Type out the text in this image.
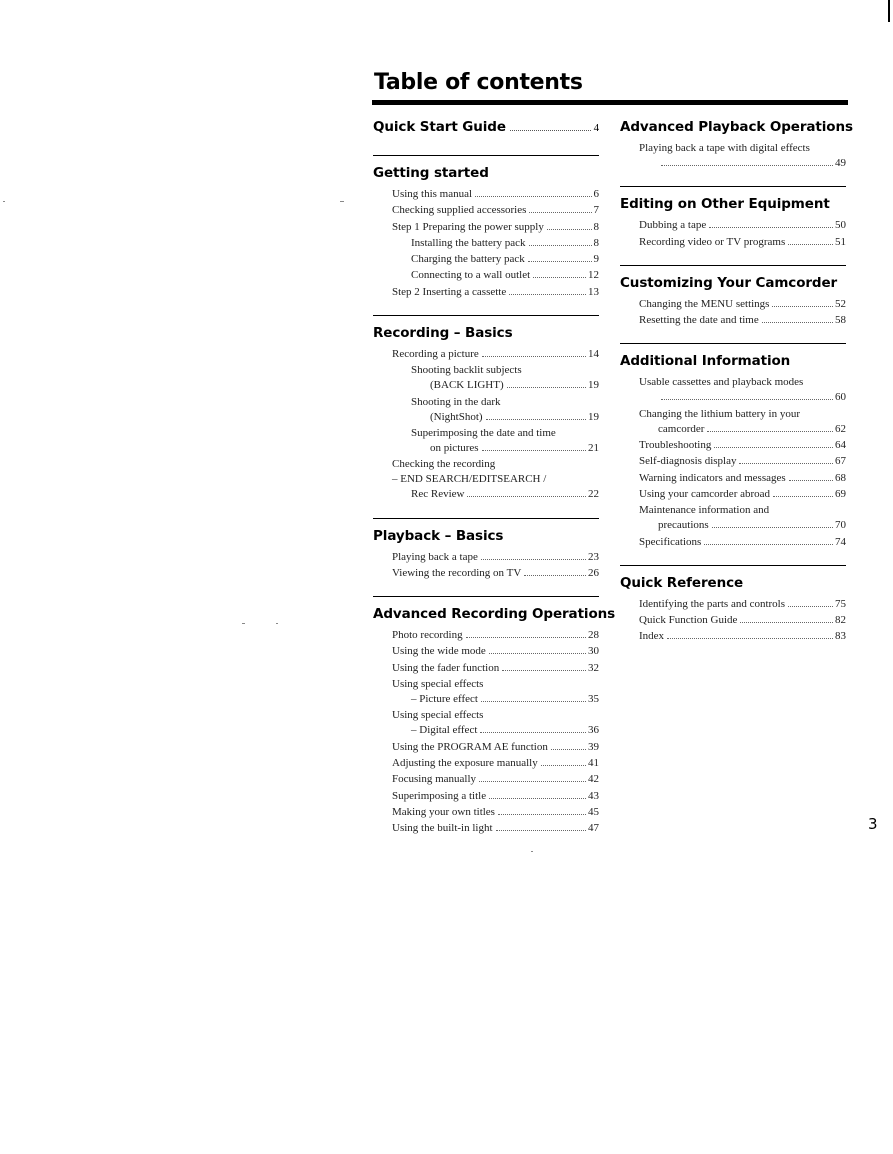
Table of contents
Quick Start Guide	4
Getting started
Using this manual	6
Checking supplied accessories	7
Step 1 Preparing the power supply	8
Installing the battery pack	8
Charging the battery pack	9
Connecting to a wall outlet	12
Step 2 Inserting a cassette	13
Recording – Basics
Recording a picture	14
Shooting backlit subjects
(BACK LIGHT)	19
Shooting in the dark
(NightShot)	19
Superimposing the date and time
on pictures	21
Checking the recording
– END SEARCH/EDITSEARCH /
Rec Review	22
Playback – Basics
Playing back a tape	23
Viewing the recording on TV	26
Advanced Recording Operations
Photo recording	28
Using the wide mode	30
Using the fader function	32
Using special effects
– Picture effect	35
Using special effects
– Digital effect	36
Using the PROGRAM AE function	39
Adjusting the exposure manually	41
Focusing manually	42
Superimposing a title	43
Making your own titles	45
Using the built-in light	47
Advanced Playback Operations
Playing back a tape with digital effects
49
Editing on Other Equipment
Dubbing a tape	50
Recording video or TV programs	51
Customizing Your Camcorder
Changing the MENU settings	52
Resetting the date and time	58
Additional Information
Usable cassettes and playback modes
60
Changing the lithium battery in your
camcorder	62
Troubleshooting	64
Self-diagnosis display	67
Warning indicators and messages	68
Using your camcorder abroad	69
Maintenance information and
precautions	70
Specifications	74
Quick Reference
Identifying the parts and controls	75
Quick Function Guide	82
Index	83
3
